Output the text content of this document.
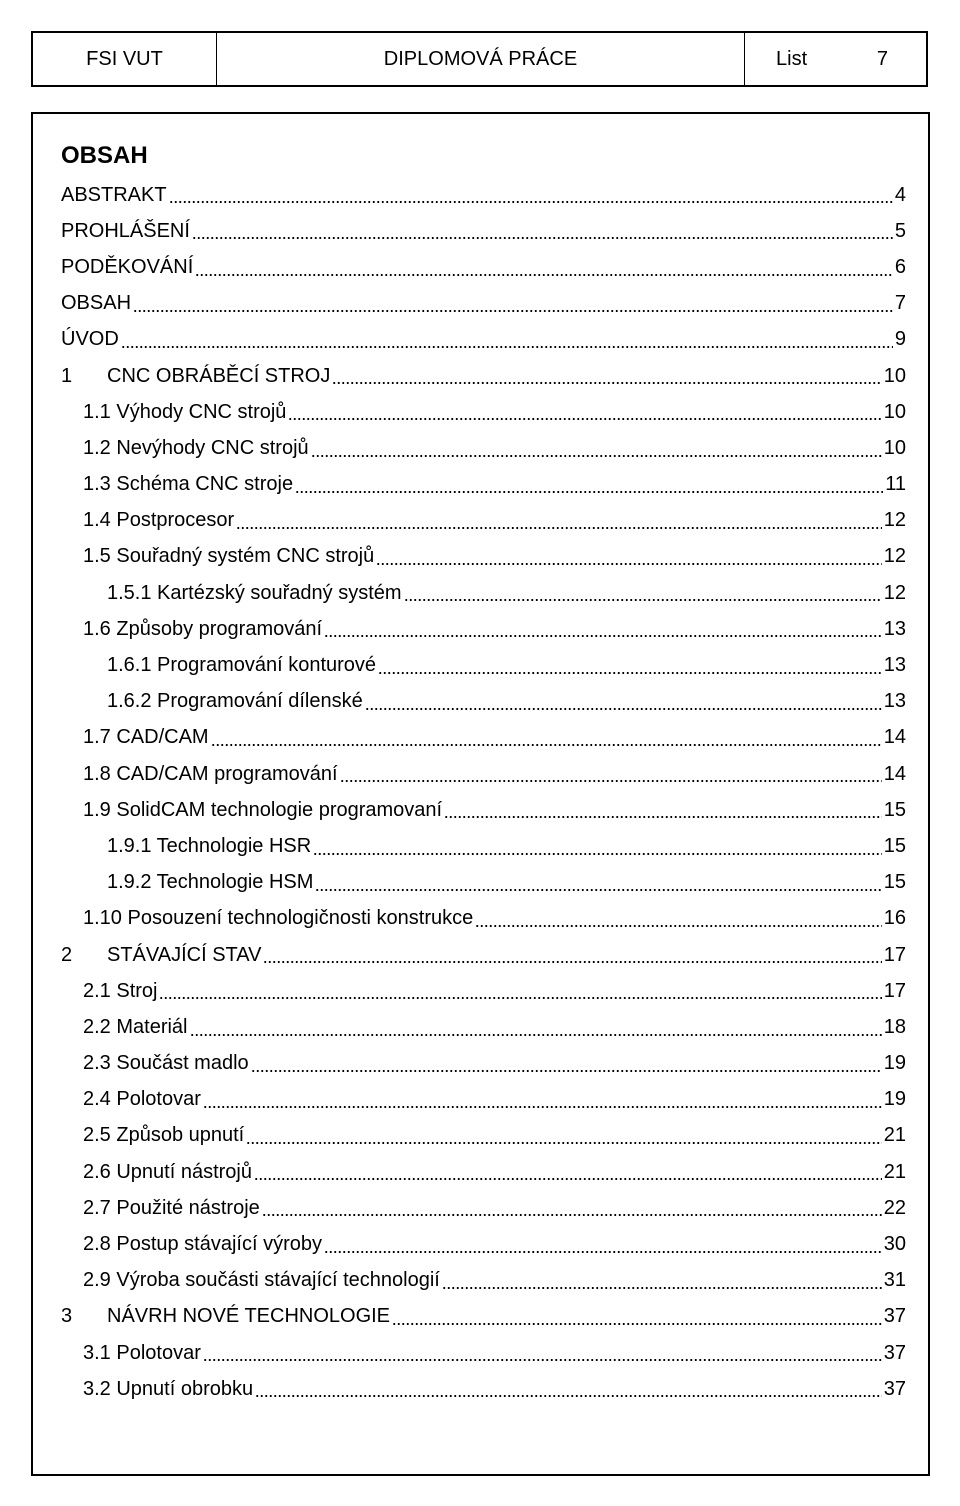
FSI VUT	DIPLOMOVÁ PRÁCE	List	7
OBSAH
ABSTRAKT	4
PROHLÁŠENÍ	5
PODĚKOVÁNÍ	6
OBSAH	7
ÚVOD	9
1	CNC OBRÁBĚCÍ STROJ	10
1.1 Výhody CNC strojů	10
1.2 Nevýhody CNC strojů	10
1.3 Schéma CNC stroje	11
1.4 Postprocesor	12
1.5 Souřadný systém CNC strojů	12
1.5.1 Kartézský souřadný systém	12
1.6 Způsoby programování	13
1.6.1 Programování konturové	13
1.6.2 Programování dílenské	13
1.7 CAD/CAM	14
1.8 CAD/CAM programování	14
1.9 SolidCAM technologie programovaní	15
1.9.1 Technologie HSR	15
1.9.2 Technologie HSM	15
1.10 Posouzení technologičnosti konstrukce	16
2	STÁVAJÍCÍ STAV	17
2.1 Stroj	17
2.2 Materiál	18
2.3 Součást madlo	19
2.4 Polotovar	19
2.5 Způsob upnutí	21
2.6 Upnutí nástrojů	21
2.7 Použité nástroje	22
2.8 Postup stávající výroby	30
2.9 Výroba součásti stávající technologií	31
3	NÁVRH NOVÉ TECHNOLOGIE	37
3.1 Polotovar	37
3.2 Upnutí obrobku	37
